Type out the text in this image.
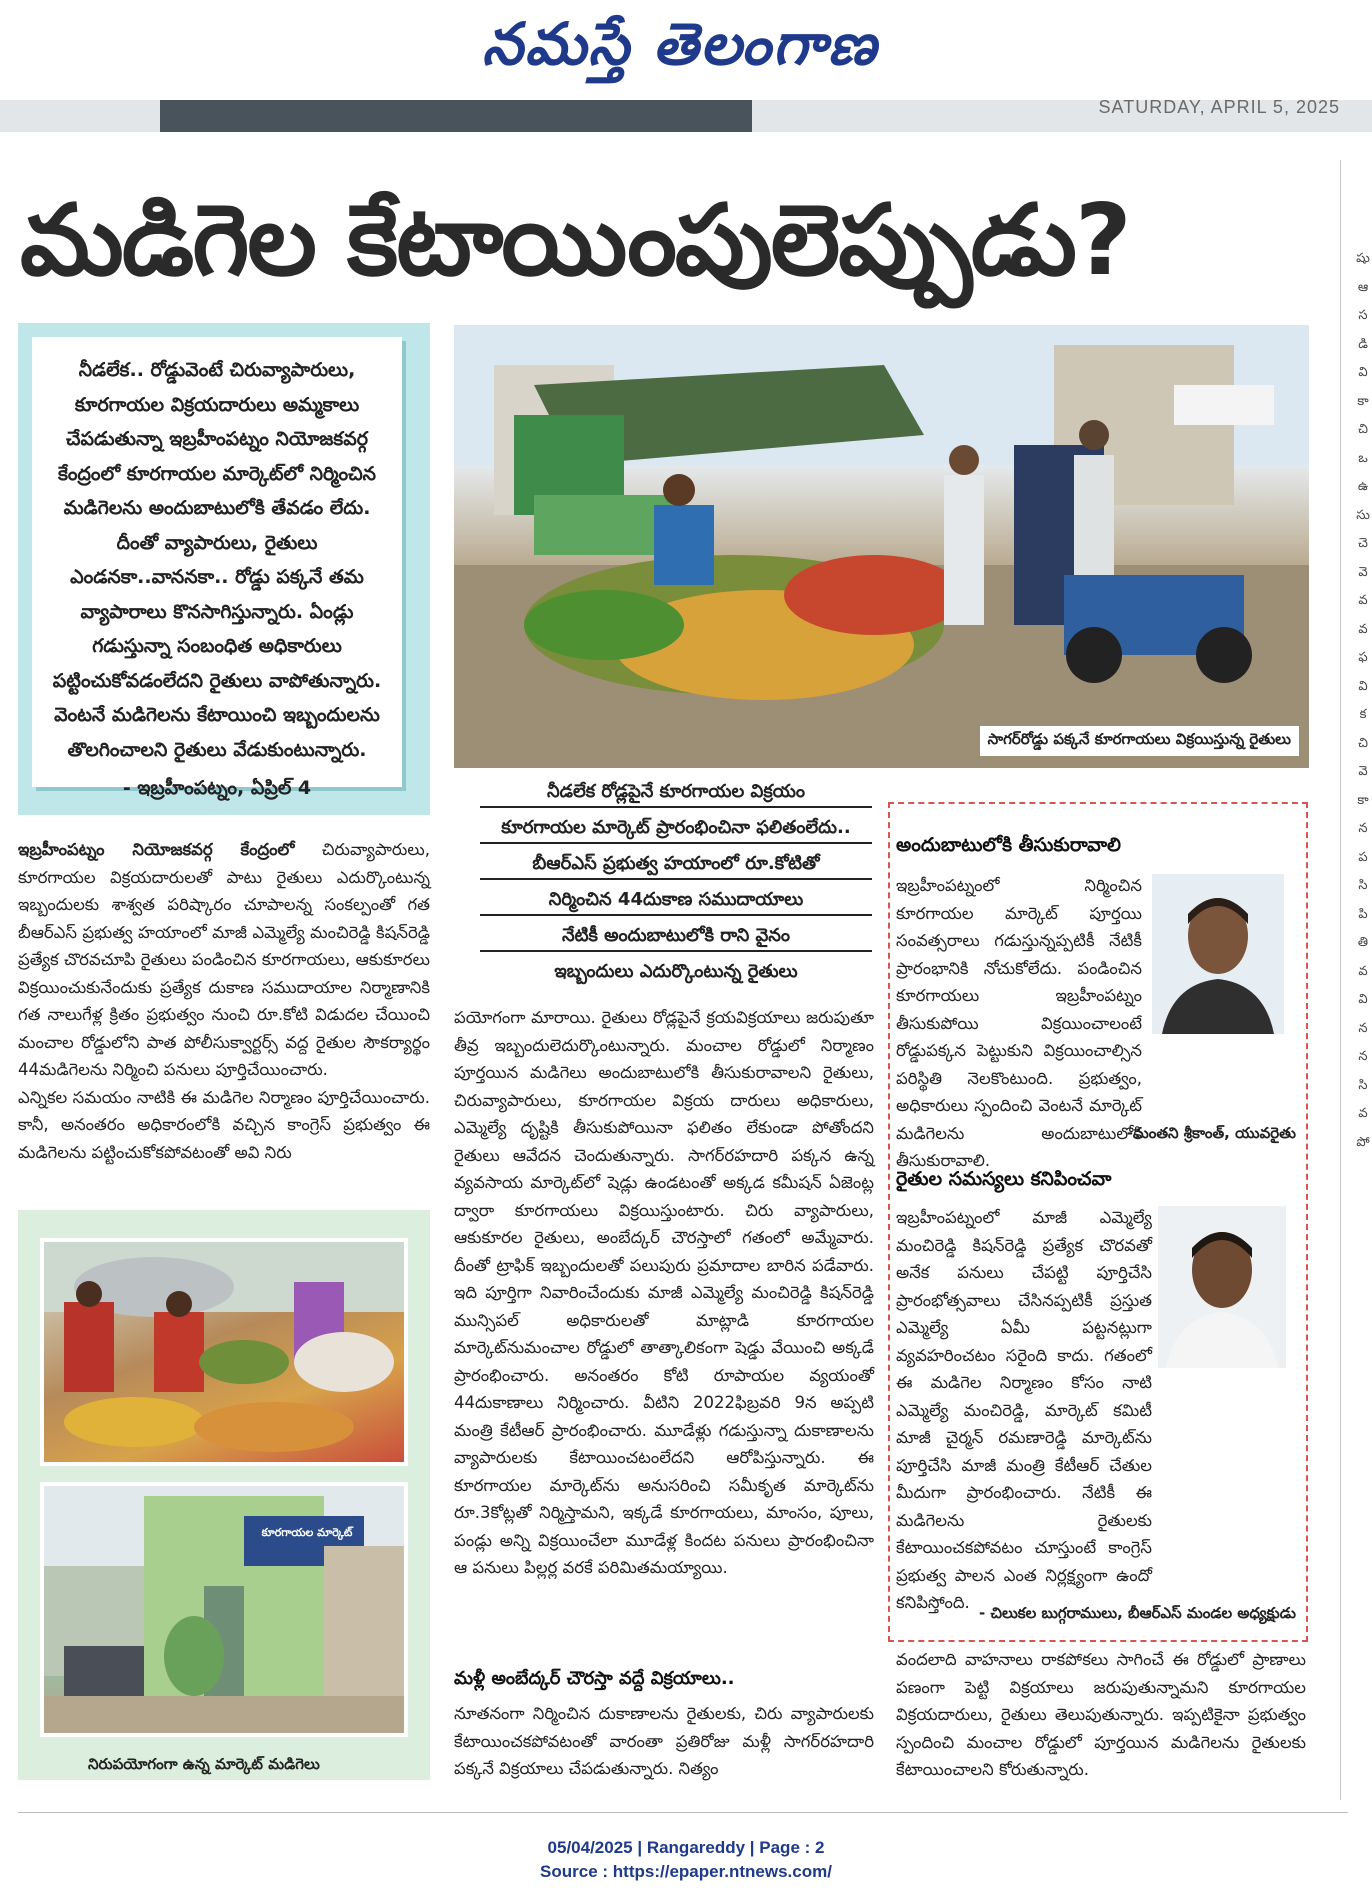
నమస్తే తెలంగాణ
SATURDAY, APRIL 5, 2025
మడిగెల కేటాయింపులెప్పుడు?	షు ఆ స డి వి కా చి ఒ ఉ సు చె వె వ వ ఫ వి క చి వె కా న ప సి పి తి వ వి న న సి వ పో
నీడలేక.. రోడ్డువెంటే చిరువ్యాపారులు, కూరగాయల విక్రయదారులు అమ్మకాలు చేపడుతున్నా ఇబ్రహీంపట్నం నియోజకవర్గ కేంద్రంలో కూరగాయల మార్కెట్‌లో నిర్మించిన మడిగెలను అందుబాటులోకి తేవడం లేదు. దీంతో వ్యాపారులు, రైతులు ఎండనకా..వాననకా.. రోడ్డు పక్కనే తమ వ్యాపారాలు కొనసాగిస్తున్నారు. ఏండ్లు గడుస్తున్నా సంబంధిత అధికారులు పట్టించుకోవడంలేదని రైతులు వాపోతున్నారు. వెంటనే మడిగెలను కేటాయించి ఇబ్బందులను తొలగించాలని రైతులు వేడుకుంటున్నారు.
- ఇబ్రహీంపట్నం, ఏప్రిల్ 4
సాగర్‌రోడ్డు పక్కనే కూరగాయలు విక్రయిస్తున్న రైతులు
నీడలేక రోడ్లపైనే కూరగాయల విక్రయం
కూరగాయల మార్కెట్ ప్రారంభించినా ఫలితంలేదు..
బీఆర్‌ఎస్ ప్రభుత్వ హయాంలో రూ.కోటితో
నిర్మించిన 44దుకాణ సముదాయాలు
నేటికీ అందుబాటులోకి రాని వైనం
ఇబ్బందులు ఎదుర్కొంటున్న రైతులు
ఇబ్రహీంపట్నం నియోజకవర్గ కేంద్రంలో చిరువ్యాపారులు, కూరగాయల విక్రయదారులతో పాటు రైతులు ఎదుర్కొంటున్న ఇబ్బందులకు శాశ్వత పరిష్కారం చూపాలన్న సంకల్పంతో గత బీఆర్‌ఎస్ ప్రభుత్వ హయాంలో మాజీ ఎమ్మెల్యే మంచిరెడ్డి కిషన్‌రెడ్డి ప్రత్యేక చొరవచూపి రైతులు పండించిన కూరగాయలు, ఆకుకూరలు విక్రయించుకునేందుకు ప్రత్యేక దుకాణ సముదాయాల నిర్మాణానికి గత నాలుగేళ్ల క్రితం ప్రభుత్వం నుంచి రూ.కోటి విడుదల చేయించి మంచాల రోడ్డులోని పాత పోలీసుక్వార్టర్స్ వద్ద రైతుల సౌకర్యార్థం 44మడిగెలను నిర్మించి పనులు పూర్తిచేయించారు.
ఎన్నికల సమయం నాటికి ఈ మడిగెల నిర్మాణం పూర్తిచేయించారు. కానీ, అనంతరం అధికారంలోకి వచ్చిన కాంగ్రెస్ ప్రభుత్వం ఈ మడిగెలను పట్టించుకోకపోవటంతో అవి నిరు
కూరగాయల మార్కెట్
నిరుపయోగంగా ఉన్న మార్కెట్ మడిగెలు
పయోగంగా మారాయి. రైతులు రోడ్లపైనే క్రయవిక్రయాలు జరుపుతూ తీవ్ర ఇబ్బందులెదుర్కొంటున్నారు. మంచాల రోడ్డులో నిర్మాణం పూర్తయిన మడిగెలు అందుబాటులోకి తీసుకురావాలని రైతులు, చిరువ్యాపారులు, కూరగాయల విక్రయ దారులు అధికారులు, ఎమ్మెల్యే దృష్టికి తీసుకుపోయినా ఫలితం లేకుండా పోతోందని రైతులు ఆవేదన చెందుతున్నారు. సాగర్‌రహదారి పక్కన ఉన్న వ్యవసాయ మార్కెట్‌లో షెడ్లు ఉండటంతో అక్కడ కమీషన్ ఏజెంట్ల ద్వారా కూరగాయలు విక్రయిస్తుంటారు. చిరు వ్యాపారులు, ఆకుకూరల రైతులు, అంబేద్కర్ చౌరస్తాలో గతంలో అమ్మేవారు. దీంతో ట్రాఫిక్ ఇబ్బందులతో పలుపురు ప్రమాదాల బారిన పడేవారు. ఇది పూర్తిగా నివారించేందుకు మాజీ ఎమ్మెల్యే మంచిరెడ్డి కిషన్‌రెడ్డి మున్సిపల్ అధికారులతో మాట్లాడి కూరగాయల మార్కెట్‌నుమంచాల రోడ్డులో తాత్కాలికంగా షెడ్డు వేయించి అక్కడే ప్రారంభించారు. అనంతరం కోటి రూపాయల వ్యయంతో 44దుకాణాలు నిర్మించారు. వీటిని 2022ఫిబ్రవరి 9న అప్పటి మంత్రి కేటీఆర్ ప్రారంభించారు. మూడేళ్లు గడుస్తున్నా దుకాణాలను వ్యాపారులకు కేటాయించటంలేదని ఆరోపిస్తున్నారు. ఈ కూరగాయల మార్కెట్‌ను అనుసరించి సమీకృత మార్కెట్‌ను రూ.3కోట్లతో నిర్మిస్తామని, ఇక్కడే కూరగాయలు, మాంసం, పూలు, పండ్లు అన్ని విక్రయించేలా మూడేళ్ల కిందట పనులు ప్రారంభించినా ఆ పనులు పిల్లర్ల వరకే పరిమితమయ్యాయి.
మళ్లీ అంబేద్కర్ చౌరస్తా వద్దే విక్రయాలు..
నూతనంగా నిర్మించిన దుకాణాలను రైతులకు, చిరు వ్యాపారులకు కేటాయించకపోవటంతో వారంతా ప్రతిరోజు మళ్లీ సాగర్‌రహదారి పక్కనే విక్రయాలు చేపడుతున్నారు. నిత్యం
అందుబాటులోకి తీసుకురావాలి
ఇబ్రహీంపట్నంలో నిర్మించిన కూరగాయల మార్కెట్ పూర్తయి సంవత్సరాలు గడుస్తున్నప్పటికీ నేటికీ ప్రారంభానికి నోచుకోలేదు. పండించిన కూరగాయలు ఇబ్రహీంపట్నం తీసుకుపోయి విక్రయించాలంటే రోడ్డుపక్కన పెట్టుకుని విక్రయించాల్సిన పరిస్థితి నెలకొంటుంది. ప్రభుత్వం, అధికారులు స్పందించి వెంటనే మార్కెట్ మడిగెలను అందుబాటులోకి తీసుకురావాలి.
-మంతని శ్రీకాంత్, యువరైతు
రైతుల సమస్యలు కనిపించవా
ఇబ్రహీంపట్నంలో మాజీ ఎమ్మెల్యే మంచిరెడ్డి కిషన్‌రెడ్డి ప్రత్యేక చొరవతో అనేక పనులు చేపట్టి పూర్తిచేసి ప్రారంభోత్సవాలు చేసినప్పటికీ ప్రస్తుత ఎమ్మెల్యే ఏమీ పట్టనట్లుగా వ్యవహరించటం సరైంది కాదు. గతంలో ఈ మడిగెల నిర్మాణం కోసం నాటి ఎమ్మెల్యే మంచిరెడ్డి, మార్కెట్ కమిటీ మాజీ చైర్మన్ రమణారెడ్డి మార్కెట్‌ను పూర్తిచేసి మాజీ మంత్రి కేటీఆర్ చేతుల మీదుగా ప్రారంభించారు. నేటికీ ఈ మడిగెలను రైతులకు కేటాయించకపోవటం చూస్తుంటే కాంగ్రెస్ ప్రభుత్వ పాలన ఎంత నిర్లక్ష్యంగా ఉందో కనిపిస్తోంది.
- చిలుకల బుగ్గరాములు, బీఆర్‌ఎస్ మండల అధ్యక్షుడు
వందలాది వాహనాలు రాకపోకలు సాగించే ఈ రోడ్డులో ప్రాణాలు పణంగా పెట్టి విక్రయాలు జరుపుతున్నామని కూరగాయల విక్రయదారులు, రైతులు తెలుపుతున్నారు. ఇప్పటికైనా ప్రభుత్వం స్పందించి మంచాల రోడ్డులో పూర్తయిన మడిగెలను రైతులకు కేటాయించాలని కోరుతున్నారు.
05/04/2025 | Rangareddy | Page : 2
Source : https://epaper.ntnews.com/
